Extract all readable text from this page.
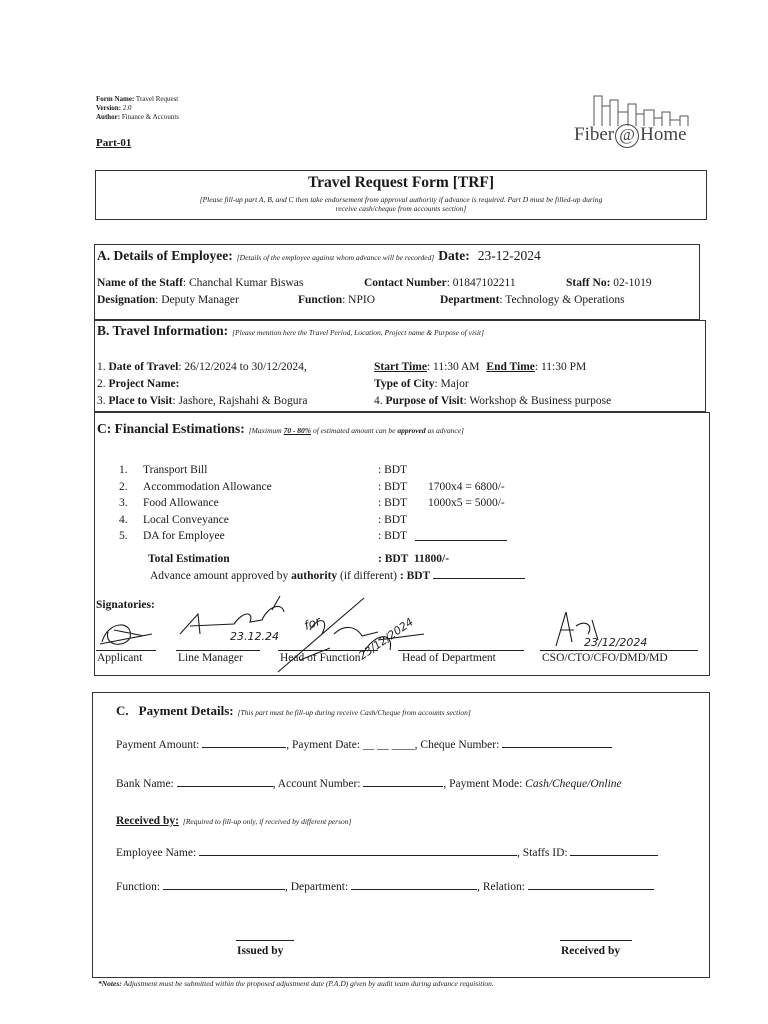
Form Name: Travel Request
Version: 2.0
Author: Finance & Accounts
Part-01	Fiber @ Home
Travel Request Form [TRF]
[Please fill-up part A, B, and C then take endorsement from approval authority if advance is required. Part D must be filled-up during
receive cash/cheque from accounts section]
A. Details of Employee: [Details of the employee against whom advance will be recorded] Date: 23-12-2024
Name of the Staff: Chanchal Kumar Biswas	Contact Number: 01847102211	Staff No: 02-1019
Designation: Deputy Manager	Function: NPIO	Department: Technology & Operations
B. Travel Information: [Please mention here the Travel Period, Location, Project name & Purpose of visit]
1. Date of Travel: 26/12/2024 to 30/12/2024,	Start Time: 11:30 AM End Time: 11:30 PM
2. Project Name:	Type of City: Major
3. Place to Visit: Jashore, Rajshahi & Bogura	4. Purpose of Visit: Workshop & Business purpose
C: Financial Estimations: [Maximum 70 - 80% of estimated amount can be approved as advance]
1. Transport Bill	: BDT
2. Accommodation Allowance	: BDT 1700x4 = 6800/-
3. Food Allowance	: BDT 1000x5 = 5000/-
4. Local Conveyance	: BDT
5. DA for Employee	: BDT
Total Estimation	: BDT  11800/-
Advance amount approved by authority (if different) : BDT
Signatories:
23.12.24
for	23/12/2024	23/12/2024
Applicant	Line Manager	Head of Function	Head of Department	CSO/CTO/CFO/DMD/MD
C. Payment Details: [This part must be fill-up during receive Cash/Cheque from accounts section]
Payment Amount:	, Payment Date: __ __ ____, Cheque Number:
Bank Name:	, Account Number:	, Payment Mode: Cash/Cheque/Online
Received by: [Required to fill-up only, if received by different person]
Employee Name:	, Staffs ID:
Function:	, Department:	, Relation:
Issued by	Received by
*Notes: Adjustment must be submitted within the proposed adjustment date (P.A.D) given by audit team during advance requisition.
